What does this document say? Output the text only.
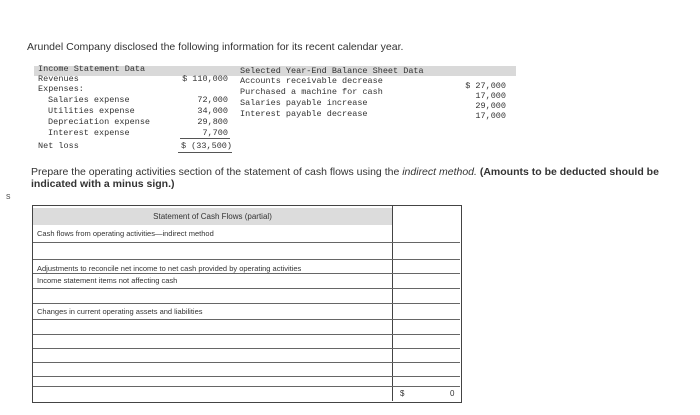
s
Arundel Company disclosed the following information for its recent calendar year.
Income Statement Data
Revenues	$ 110,000
Expenses:
Salaries expense	72,000
Utilities expense	34,000
Depreciation expense	29,800
Interest expense	7,700
Net loss	$ (33,500)
Selected Year-End Balance Sheet Data
Accounts receivable decrease	$ 27,000
Purchased a machine for cash	17,000
Salaries payable increase	29,000
Interest payable decrease	17,000
Prepare the operating activities section of the statement of cash flows using the indirect method. (Amounts to be deducted should be indicated with a minus sign.)
Statement of Cash Flows (partial)
Cash flows from operating activities—indirect method
Adjustments to reconcile net income to net cash provided by operating activities
Income statement items not affecting cash
Changes in current operating assets and liabilities
$	0
